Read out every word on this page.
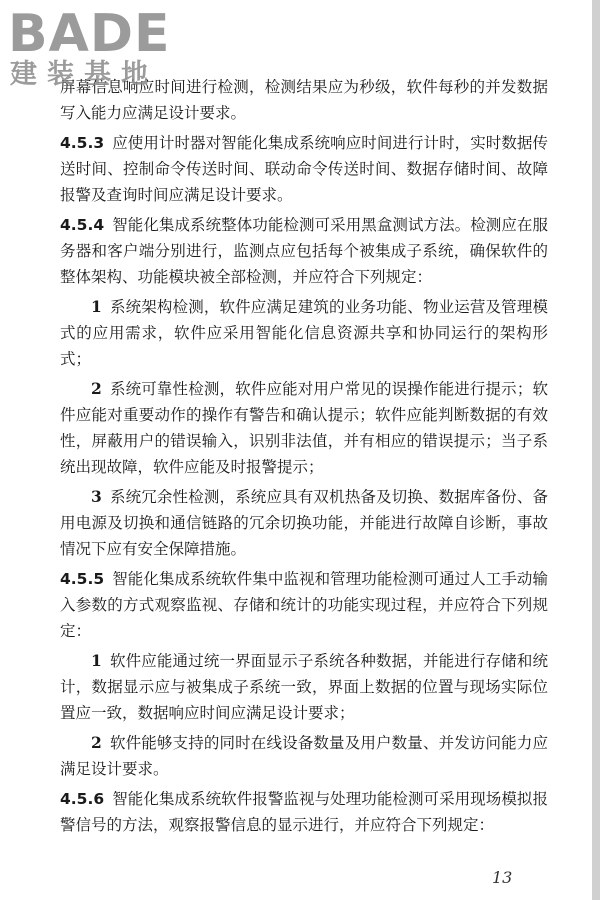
BADE
建装基地

屏幕信息响应时间进行检测，检测结果应为秒级，软件每秒的并发数据写入能力应满足设计要求。

4.5.3 应使用计时器对智能化集成系统响应时间进行计时，实时数据传送时间、控制命令传送时间、联动命令传送时间、数据存储时间、故障报警及查询时间应满足设计要求。

4.5.4 智能化集成系统整体功能检测可采用黑盒测试方法。检测应在服务器和客户端分别进行，监测点应包括每个被集成子系统，确保软件的整体架构、功能模块被全部检测，并应符合下列规定：

1 系统架构检测，软件应满足建筑的业务功能、物业运营及管理模式的应用需求，软件应采用智能化信息资源共享和协同运行的架构形式；

2 系统可靠性检测，软件应能对用户常见的误操作能进行提示；软件应能对重要动作的操作有警告和确认提示；软件应能判断数据的有效性，屏蔽用户的错误输入，识别非法值，并有相应的错误提示；当子系统出现故障，软件应能及时报警提示；

3 系统冗余性检测，系统应具有双机热备及切换、数据库备份、备用电源及切换和通信链路的冗余切换功能，并能进行故障自诊断，事故情况下应有安全保障措施。

4.5.5 智能化集成系统软件集中监视和管理功能检测可通过人工手动输入参数的方式观察监视、存储和统计的功能实现过程，并应符合下列规定：

1 软件应能通过统一界面显示子系统各种数据，并能进行存储和统计，数据显示应与被集成子系统一致，界面上数据的位置与现场实际位置应一致，数据响应时间应满足设计要求；

2 软件能够支持的同时在线设备数量及用户数量、并发访问能力应满足设计要求。

4.5.6 智能化集成系统软件报警监视与处理功能检测可采用现场模拟报警信号的方法，观察报警信息的显示进行，并应符合下列规定：

13
